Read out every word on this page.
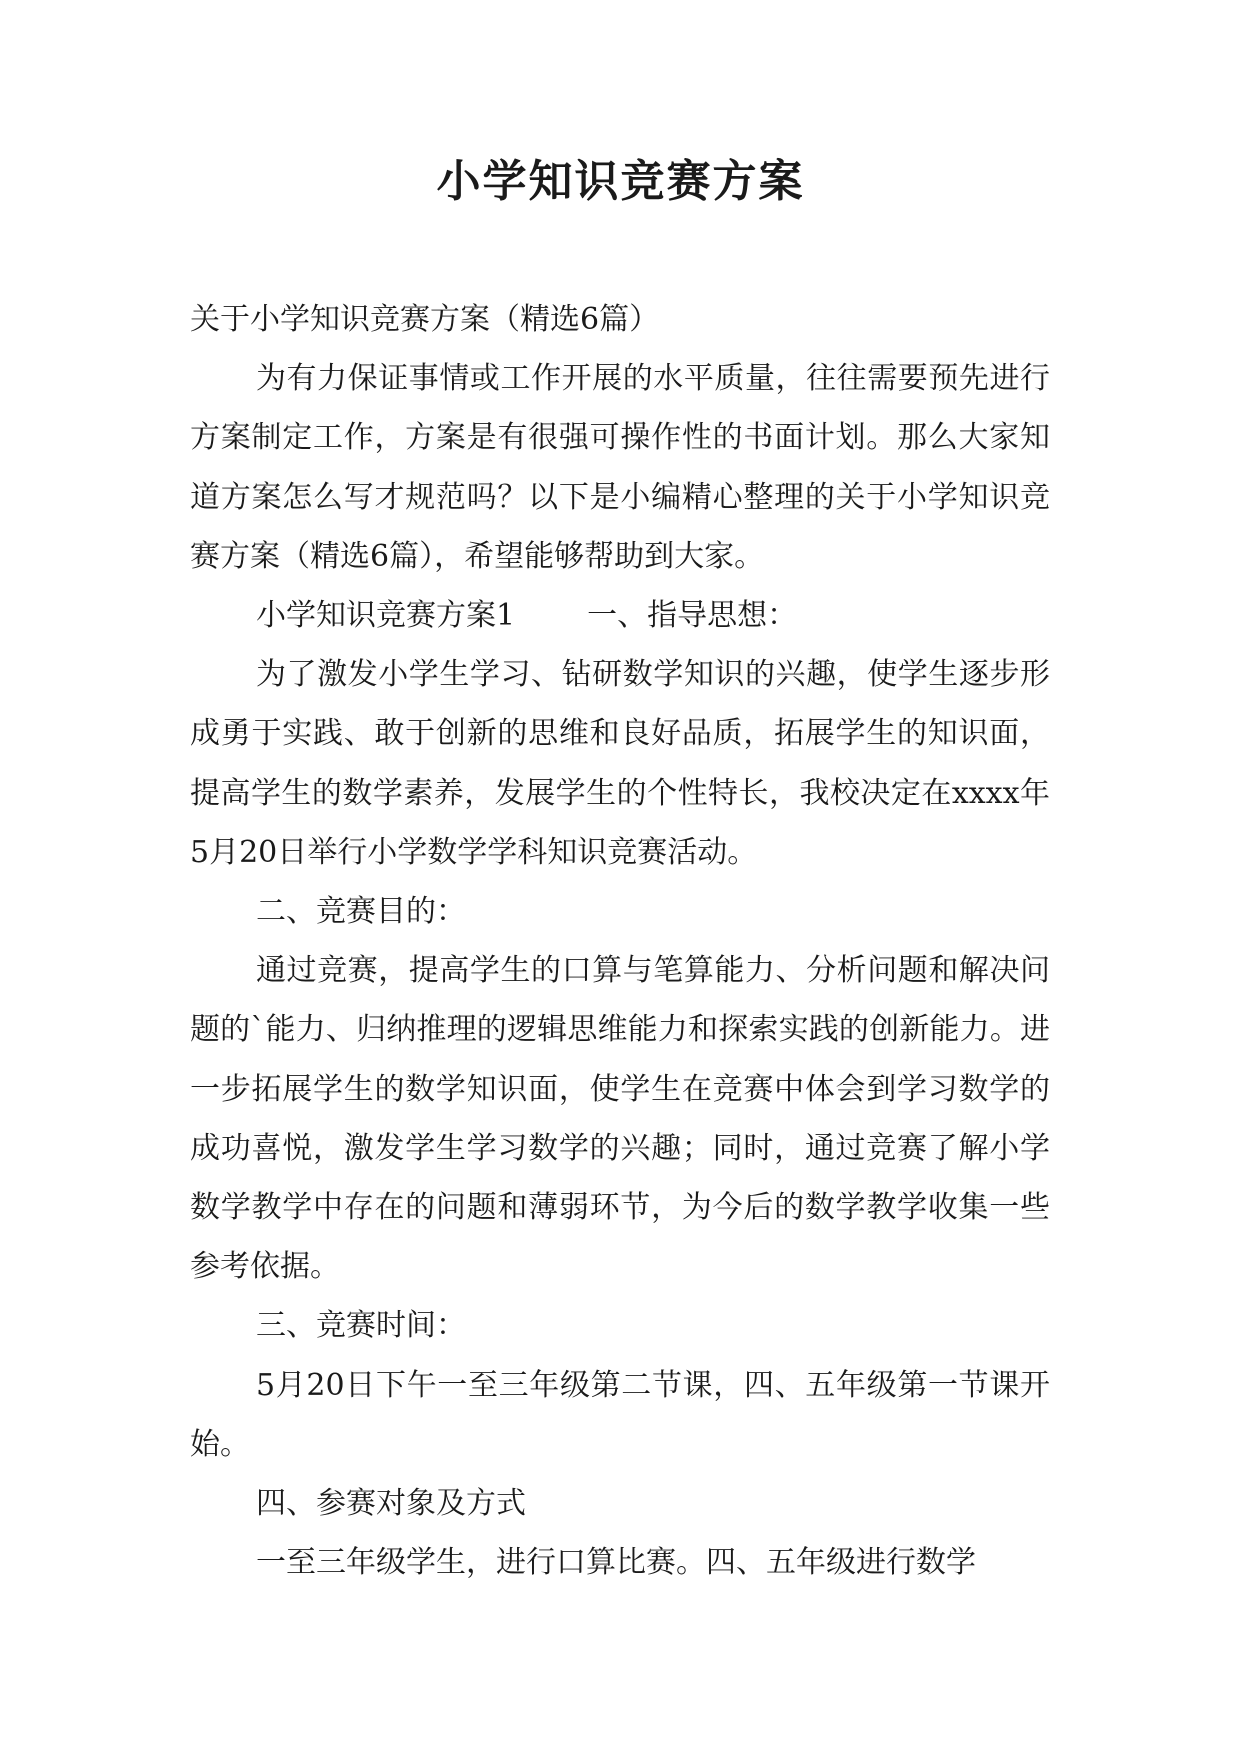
小学知识竞赛方案

关于小学知识竞赛方案（精选6篇）

为有力保证事情或工作开展的水平质量，往往需要预先进行方案制定工作，方案是有很强可操作性的书面计划。那么大家知道方案怎么写才规范吗？以下是小编精心整理的关于小学知识竞赛方案（精选6篇），希望能够帮助到大家。

小学知识竞赛方案1 一、指导思想：

为了激发小学生学习、钻研数学知识的兴趣，使学生逐步形成勇于实践、敢于创新的思维和良好品质，拓展学生的知识面，提高学生的数学素养，发展学生的个性特长，我校决定在xxxx年5月20日举行小学数学学科知识竞赛活动。

二、竞赛目的：

通过竞赛，提高学生的口算与笔算能力、分析问题和解决问题的`能力、归纳推理的逻辑思维能力和探索实践的创新能力。进一步拓展学生的数学知识面，使学生在竞赛中体会到学习数学的成功喜悦，激发学生学习数学的兴趣；同时，通过竞赛了解小学数学教学中存在的问题和薄弱环节，为今后的数学教学收集一些参考依据。

三、竞赛时间：

5月20日下午一至三年级第二节课，四、五年级第一节课开始。

四、参赛对象及方式

一至三年级学生，进行口算比赛。四、五年级进行数学
